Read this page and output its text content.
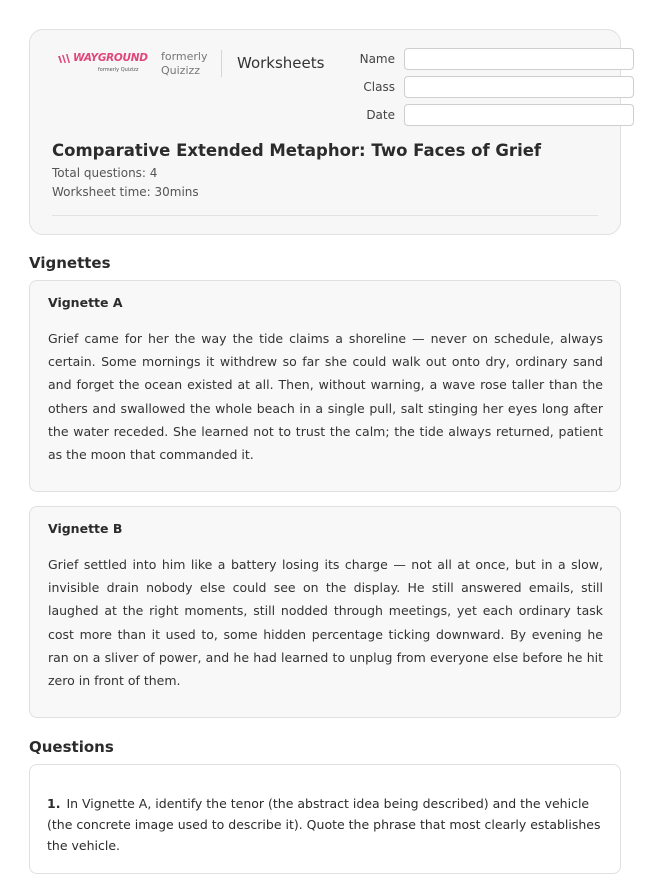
WAYGROUND
formerly Quizizz
formerly Quizizz	Worksheets	Name
Class
Date
Comparative Extended Metaphor: Two Faces of Grief
Total questions: 4
Worksheet time: 30mins
Vignettes
Vignette A
Grief came for her the way the tide claims a shoreline — never on schedule, always certain. Some mornings it withdrew so far she could walk out onto dry, ordinary sand and forget the ocean existed at all. Then, without warning, a wave rose taller than the others and swallowed the whole beach in a single pull, salt stinging her eyes long after the water receded. She learned not to trust the calm; the tide always returned, patient as the moon that commanded it.
Vignette B
Grief settled into him like a battery losing its charge — not all at once, but in a slow, invisible drain nobody else could see on the display. He still answered emails, still laughed at the right moments, still nodded through meetings, yet each ordinary task cost more than it used to, some hidden percentage ticking downward. By evening he ran on a sliver of power, and he had learned to unplug from everyone else before he hit zero in front of them.
Questions
1. In Vignette A, identify the tenor (the abstract idea being described) and the vehicle (the concrete image used to describe it). Quote the phrase that most clearly establishes the vehicle.
